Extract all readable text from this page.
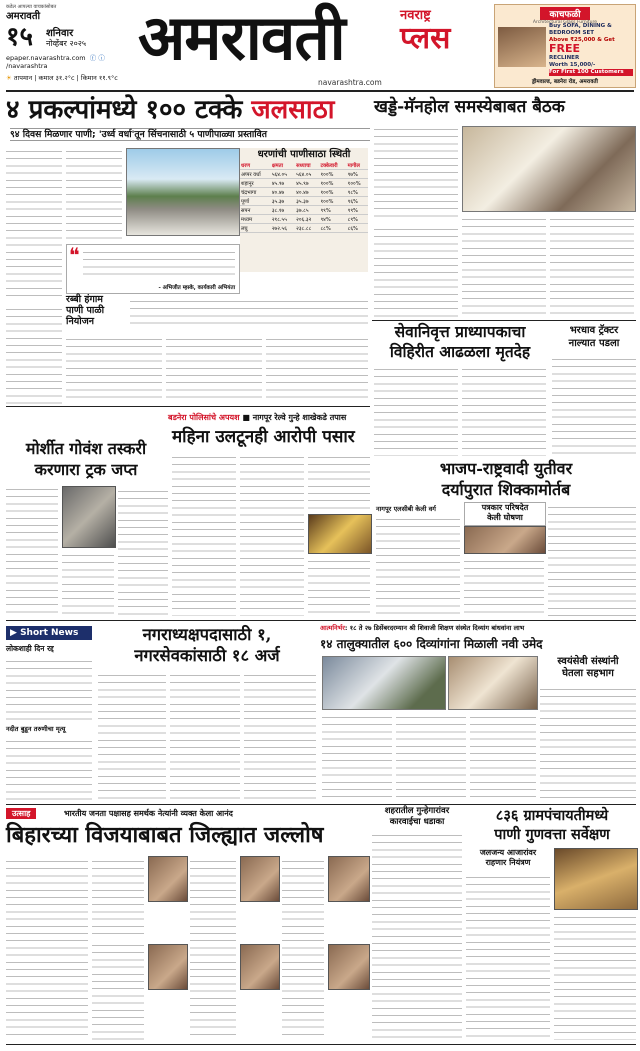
कडेल आपल्या वाचकांसोबत
अमरावती
१५ शनिवार
नोव्हेंबर २०२५
epaper.navarashtra.com ⓕ ⓘ /navarashtra
☀ तापमान | कमाल ३१.२°c | किमान ११.९°c
अमरावती	नवराष्ट्र
प्लस
navarashtra.com
काचफळी
Architectural Glass Furniture
Buy SOFA, DINING &
BEDROOM SET
Above ₹25,000 & Get
FREE
RECLINER
Worth 15,000/-
For First 100 Customers
ड्रीमवाल्ड, बडनेरा रोड, अमरावती
४ प्रकल्पांमध्ये १०० टक्के जलसाठा
९४ दिवस मिळणार पाणी; 'उर्ध्व वर्धा'तून सिंचनासाठी ५ पाणीपाळ्या प्रस्तावित
धरणांची पाणीसाठा स्थिती
धरण	क्षमता	सध्याचा	टक्केवारी	मागील
अप्पर वर्धा	५६४.०५	५६४.०५	१००%	९७%
शहानूर	४५.९७	४५.९७	१००%	१००%
चंद्रभागा	४०.४७	४०.४७	१००%	९८%
पूर्णा	३५.३७	३५.३७	१००%	९६%
सपन	३८.१७	३७.८५	९९%	९९%
मध्यम	२१८.५५	२०६.३२	९४%	८९%
लघु	२७२.५६	२३८.८८	८८%	८६%
❝
- अभिजीत म्हस्के, कार्यकारी अभियंता
रब्बी हंगाम
पाणी पाळी
नियोजन
खड्डे-मॅनहोल समस्येबाबत बैठक
सेवानिवृत्त प्राध्यापकाचा
विहिरीत आढळला मृतदेह
भरधाव ट्रॅक्टर
नाल्यात पडला
मोर्शीत गोवंश तस्करी
करणारा ट्रक जप्त
बडनेरा पोलिसांचे अपयश ■ नागपूर रेल्वे गुन्हे शाखेकडे तपास
महिना उलटूनही आरोपी पसार
भाजप-राष्ट्रवादी युतीवर
दर्यापुरात शिक्कामोर्तब
नागपूर एलसीबी केली वर्ग	पत्रकार परिषदेत
केली घोषणा
▶ Short News
लोकशाही दिन रद्द
नदीत बुडून तरुणीचा मृत्यू
नगराध्यक्षपदासाठी १,
नगरसेवकांसाठी १८ अर्ज
आत्मनिर्भर: १८ ते २७ डिसेंबरदरम्यान श्री शिवाजी शिक्षण संस्थेत दिव्यांग बांधवांना लाभ
१४ तालुक्यातील ६०० दिव्यांगांना मिळाली नवी उमेद
स्वयंसेवी संस्थांनी
घेतला सहभाग
उत्साह	भारतीय जनता पक्षासह समर्थक नेत्यांनी व्यक्त केला आनंद
बिहारच्या विजयाबाबत जिल्ह्यात जल्लोष
शहरातील गुन्हेगारांवर
कारवाईचा धडाका	८३६ ग्रामपंचायतीमध्ये
पाणी गुणवत्ता सर्वेक्षण
जलजन्य आजारांवर
राहणार नियंत्रण
